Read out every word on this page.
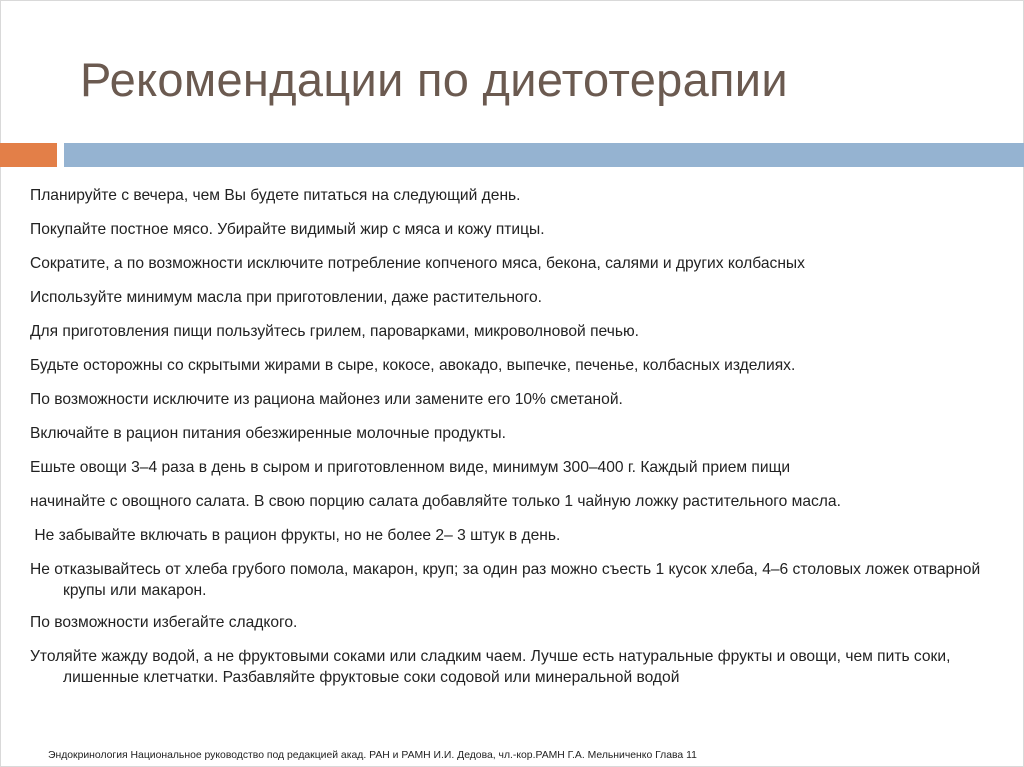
Рекомендации по диетотерапии

Планируйте с вечера, чем Вы будете питаться на следующий день.

Покупайте постное мясо. Убирайте видимый жир с мяса и кожу птицы.

Сократите, а по возможности исключите потребление копченого мяса, бекона, салями и других колбасных

Используйте минимум масла при приготовлении, даже растительного.

Для приготовления пищи пользуйтесь грилем, пароварками, микроволновой печью.

Будьте осторожны со скрытыми жирами в сыре, кокосе, авокадо, выпечке, печенье, колбасных изделиях.

По возможности исключите из рациона майонез или замените его 10% сметаной.

Включайте в рацион питания обезжиренные молочные продукты.

Ешьте овощи 3–4 раза в день в сыром и приготовленном виде, минимум 300–400 г. Каждый прием пищи

начинайте с овощного салата. В свою порцию салата добавляйте только 1 чайную ложку растительного масла.

Не забывайте включать в рацион фрукты, но не более 2– 3 штук в день.

Не отказывайтесь от хлеба грубого помола, макарон, круп; за один раз можно съесть 1 кусок хлеба, 4–6 столовых ложек отварной крупы или макарон.

По возможности избегайте сладкого.

Утоляйте жажду водой, а не фруктовыми соками или сладким чаем. Лучше есть натуральные фрукты и овощи, чем пить соки, лишенные клетчатки. Разбавляйте фруктовые соки содовой или минеральной водой

Эндокринология Национальное руководство под редакцией акад. РАН и РАМН И.И. Дедова, чл.-кор.РАМН Г.А. Мельниченко Глава 11
